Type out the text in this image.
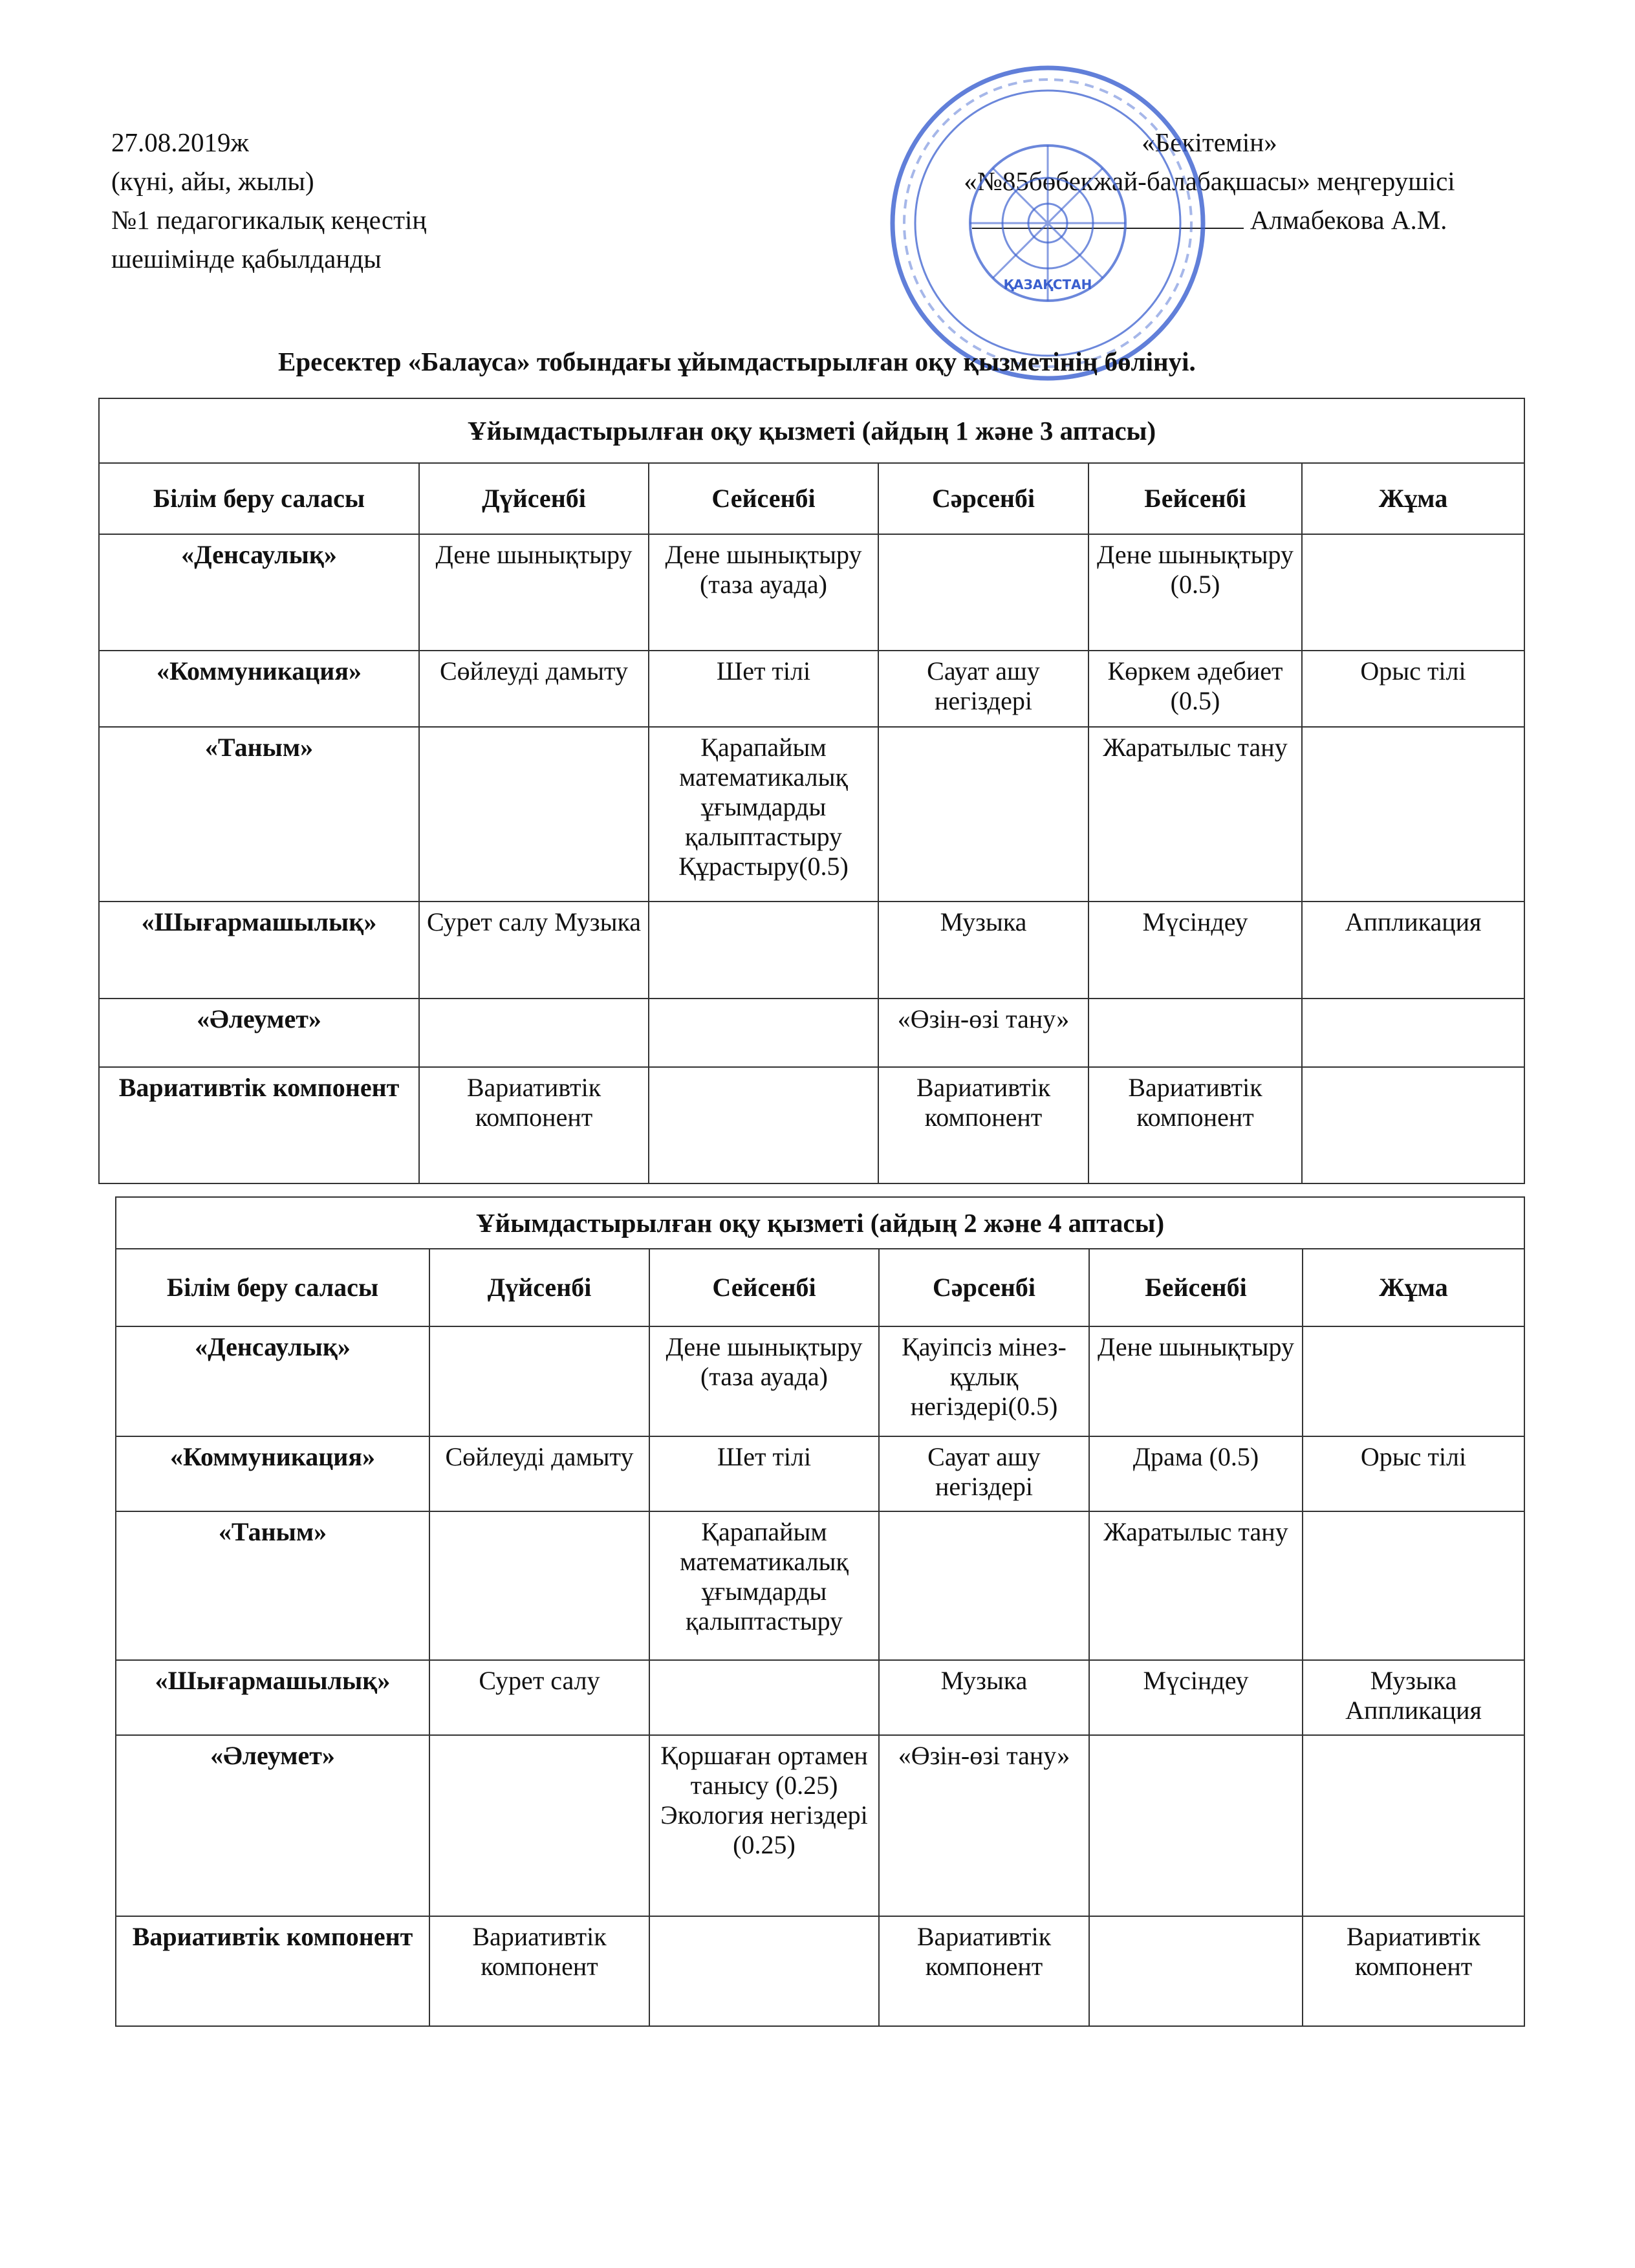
27.08.2019ж
(күні, айы, жылы)
№1 педагогикалық кеңестің
шешімінде қабылданды
«Бекітемін»
«№85бөбекжай-балабақшасы» меңгерушісі
Алмабекова А.М.
ҚАЗАҚСТАН
Ересектер «Балауса» тобындағы ұйымдастырылған оқу қызметінің бөлінуі.
Ұйымдастырылған оқу қызметі (айдың 1 және 3 аптасы)					
Білім беру саласы	Дүйсенбі	Сейсенбі	Сәрсенбі	Бейсенбі	Жұма
«Денсаулық»	Дене шынықтыру	Дене шынықтыру (таза ауада)		Дене шынықтыру (0.5)	
«Коммуникация»	Сөйлеуді дамыту	Шет тілі	Сауат ашу негіздері	Көркем әдебиет (0.5)	Орыс тілі
«Таным»		Қарапайым математикалық ұғымдарды қалыптастыру Құрастыру(0.5)		Жаратылыс тану	
«Шығармашылық»	Сурет салу Музыка		Музыка	Мүсіндеу	Аппликация
«Әлеумет»			«Өзін-өзі тану»		
Вариативтік компонент	Вариативтік компонент		Вариативтік компонент	Вариативтік компонент	
Ұйымдастырылған оқу қызметі (айдың 2 және 4 аптасы)					
Білім беру саласы	Дүйсенбі	Сейсенбі	Сәрсенбі	Бейсенбі	Жұма
«Денсаулық»		Дене шынықтыру (таза ауада)	Қауіпсіз мінез-құлық негіздері(0.5)	Дене шынықтыру	
«Коммуникация»	Сөйлеуді дамыту	Шет тілі	Сауат ашу негіздері	Драма (0.5)	Орыс тілі
«Таным»		Қарапайым математикалық ұғымдарды қалыптастыру		Жаратылыс тану	
«Шығармашылық»	Сурет салу		Музыка	Мүсіндеу	Музыка Аппликация
«Әлеумет»		Қоршаған ортамен танысу (0.25) Экология негіздері (0.25)	«Өзін-өзі тану»		
Вариативтік компонент	Вариативтік компонент		Вариативтік компонент		Вариативтік компонент
